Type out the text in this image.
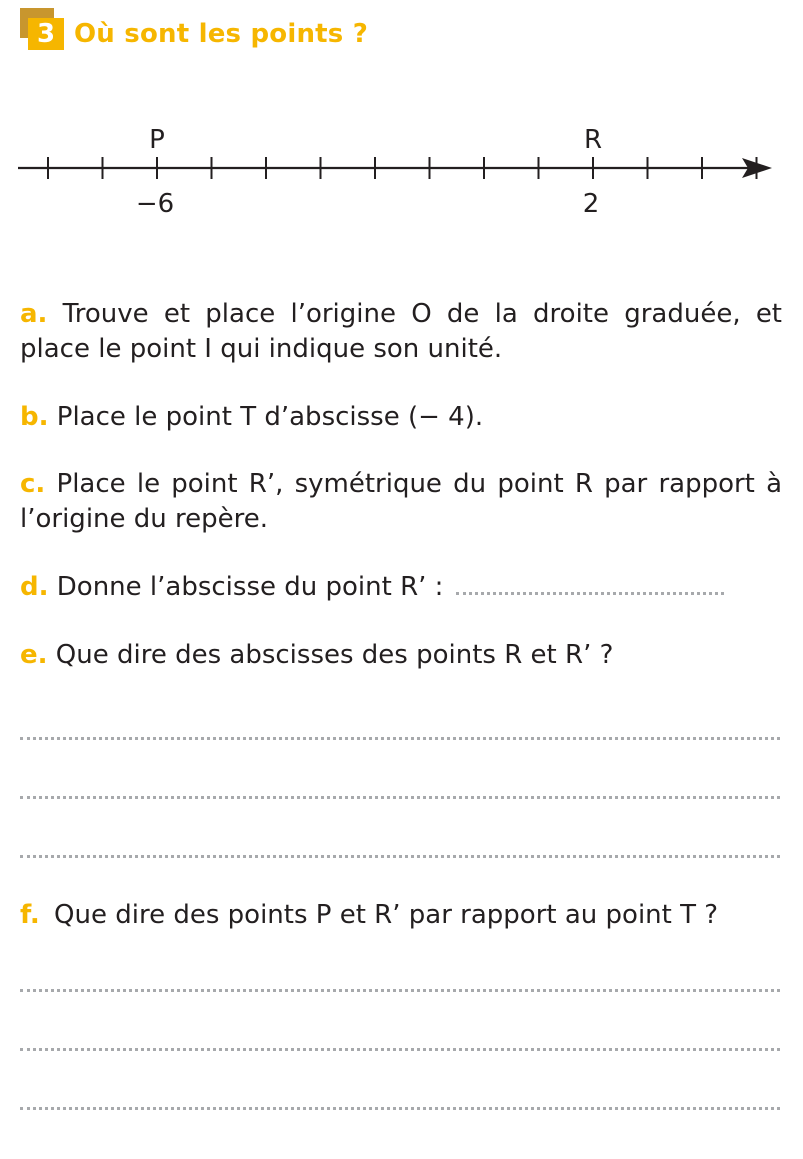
3 Où sont les points ?
P
−6
R
2
a. Trouve et place l’origine O de la droite graduée, et place le point I qui indique son unité.
b. Place le point T d’abscisse (− 4).
c. Place le point R’, symétrique du point R par rapport à l’origine du repère.
d. Donne l’abscisse du point R’ :
e. Que dire des abscisses des points R et R’ ?
f. Que dire des points P et R’ par rapport au point T ?
